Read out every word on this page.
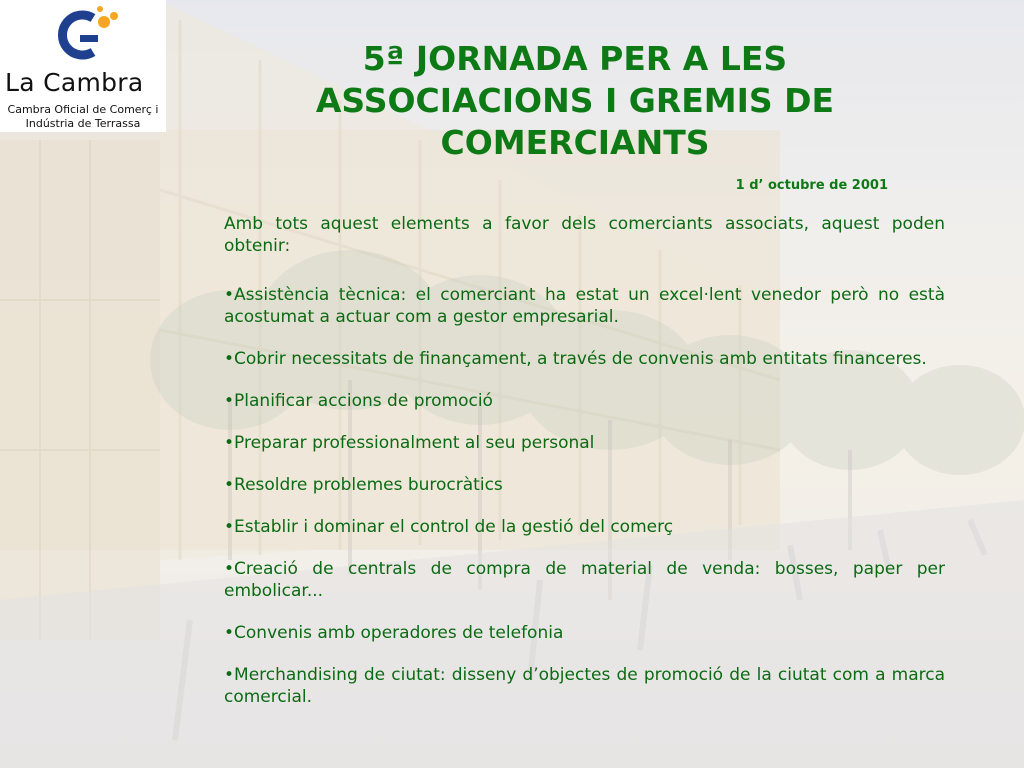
La Cambra
Cambra Oficial de Comerç i
Indústria de Terrassa
5ª JORNADA PER A LES ASSOCIACIONS I GREMIS DE COMERCIANTS
1 d’ octubre de 2001

Amb tots aquest elements a favor dels comerciants associats, aquest poden obtenir:

•Assistència tècnica: el comerciant ha estat un excel·lent venedor però no està acostumat a actuar com a gestor empresarial.

•Cobrir necessitats de finançament, a través de convenis amb entitats financeres.

•Planificar accions de promoció

•Preparar professionalment al seu personal

•Resoldre problemes burocràtics

•Establir i dominar el control de la gestió del comerç

•Creació de centrals de compra de material de venda: bosses, paper per embolicar...

•Convenis amb operadores de telefonia

•Merchandising de ciutat: disseny d’objectes de promoció de la ciutat com a marca comercial.
